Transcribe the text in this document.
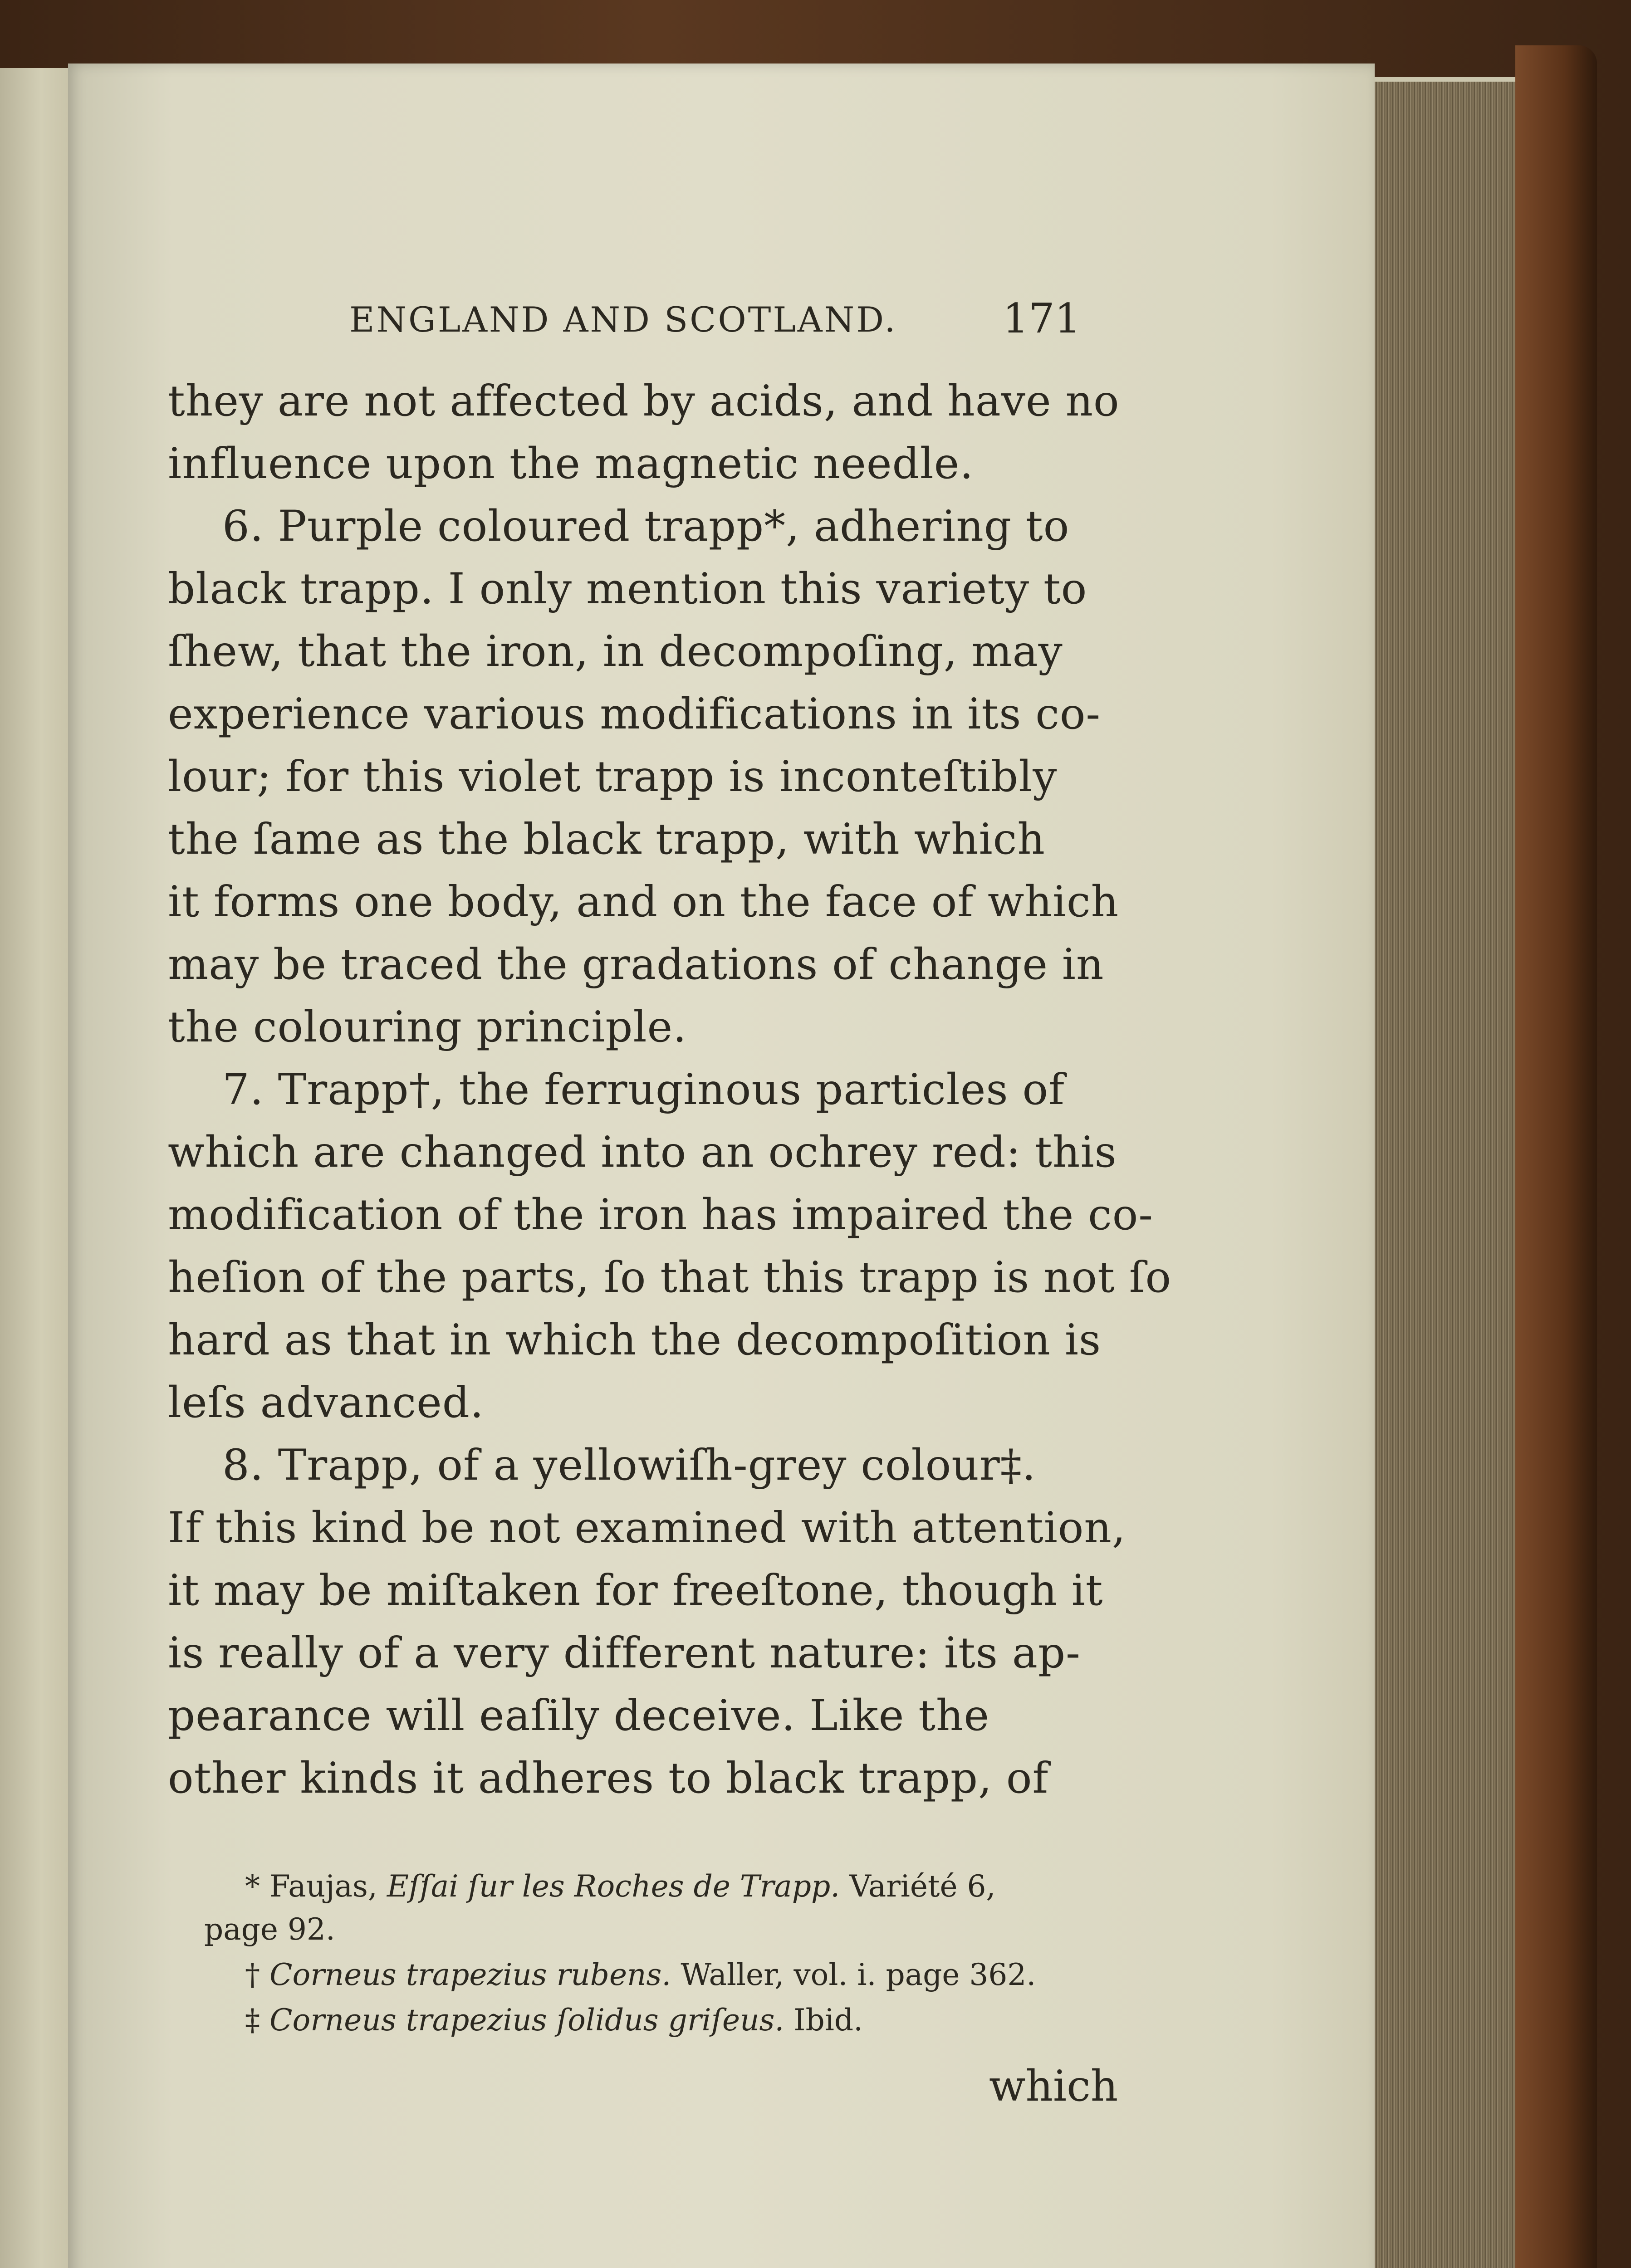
ENGLAND AND SCOTLAND.	171
they are not affected by acids, and have no
influence upon the magnetic needle.
6. Purple coloured trapp*, adhering to
black trapp. I only mention this variety to
ſhew, that the iron, in decompoſing, may
experience various modifications in its co-
lour; for this violet trapp is inconteſtibly
the ſame as the black trapp, with which
it forms one body, and on the face of which
may be traced the gradations of change in
the colouring principle.
7. Trapp†, the ferruginous particles of
which are changed into an ochrey red: this
modification of the iron has impaired the co-
heſion of the parts, ſo that this trapp is not ſo
hard as that in which the decompoſition is
leſs advanced.
8. Trapp, of a yellowiſh-grey colour‡.
If this kind be not examined with attention,
it may be miſtaken for freeſtone, though it
is really of a very different nature: its ap-
pearance will eaſily deceive. Like the
other kinds it adheres to black trapp, of
* Faujas, Eſſai ſur les Roches de Trapp. Variété 6,
page 92.
† Corneus trapezius rubens. Waller, vol. i. page 362.
‡ Corneus trapezius ſolidus griſeus. Ibid.
which
